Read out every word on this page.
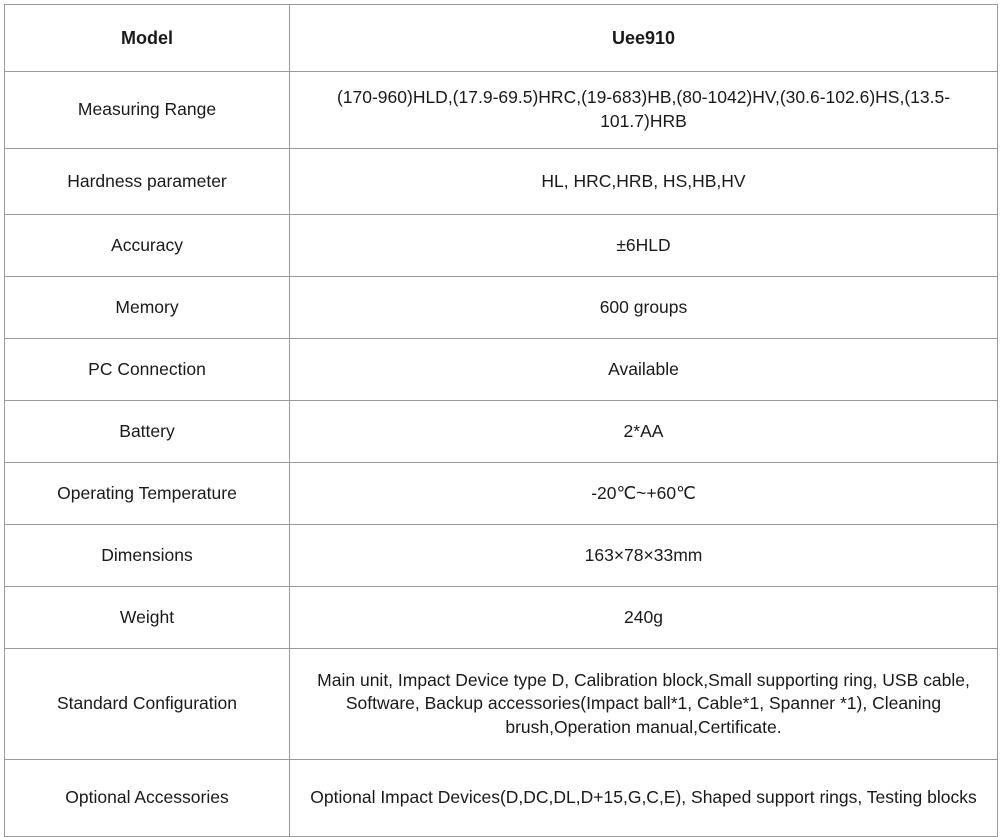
Model	Uee910
Measuring Range	(170-960)HLD,(17.9-69.5)HRC,(19-683)HB,(80-1042)HV,(30.6-102.6)HS,(13.5-101.7)HRB
Hardness parameter	HL, HRC,HRB, HS,HB,HV
Accuracy	±6HLD
Memory	600 groups
PC Connection	Available
Battery	2*AA
Operating Temperature	-20℃~+60℃
Dimensions	163×78×33mm
Weight	240g
Standard Configuration	Main unit, Impact Device type D, Calibration block,Small supporting ring, USB cable, Software, Backup accessories(Impact ball*1, Cable*1, Spanner *1), Cleaning brush,Operation manual,Certificate.
Optional Accessories	Optional Impact Devices(D,DC,DL,D+15,G,C,E), Shaped support rings, Testing blocks
